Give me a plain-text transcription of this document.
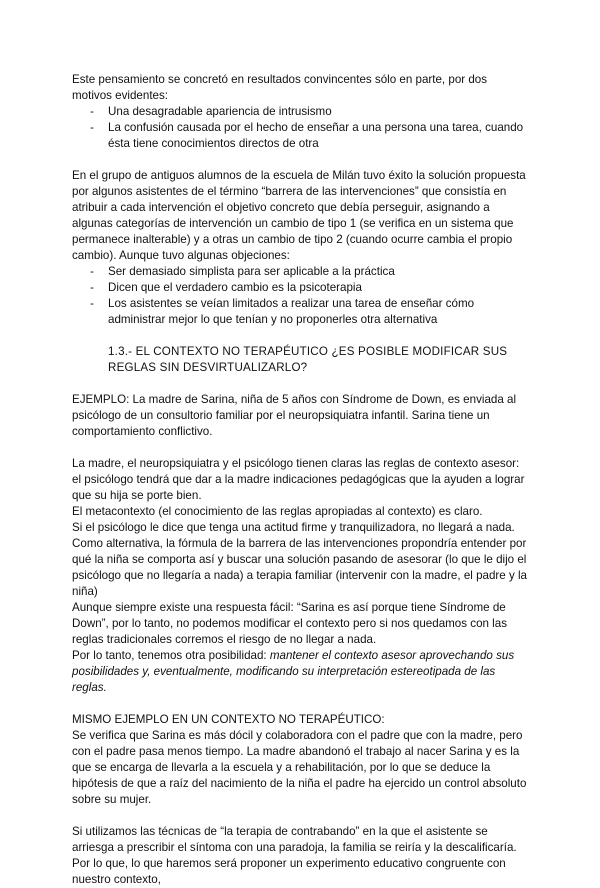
Este pensamiento se concretó en resultados convincentes sólo en parte, por dos motivos evidentes:

- Una desagradable apariencia de intrusismo
- La confusión causada por el hecho de enseñar a una persona una tarea, cuando ésta tiene conocimientos directos de otra

En el grupo de antiguos alumnos de la escuela de Milán tuvo éxito la solución propuesta por algunos asistentes de el término “barrera de las intervenciones” que consistía en atribuir a cada intervención el objetivo concreto que debía perseguir, asignando a algunas categorías de intervención un cambio de tipo 1 (se verifica en un sistema que permanece inalterable) y a otras un cambio de tipo 2 (cuando ocurre cambia el propio cambio). Aunque tuvo algunas objeciones:

- Ser demasiado simplista para ser aplicable a la práctica
- Dicen que el verdadero cambio es la psicoterapia
- Los asistentes se veían limitados a realizar una tarea de enseñar cómo administrar mejor lo que tenían y no proponerles otra alternativa

1.3.- EL CONTEXTO NO TERAPÉUTICO ¿ES POSIBLE MODIFICAR SUS REGLAS SIN DESVIRTUALIZARLO?

EJEMPLO: La madre de Sarina, niña de 5 años con Síndrome de Down, es enviada al psicólogo de un consultorio familiar por el neuropsiquiatra infantil. Sarina tiene un comportamiento conflictivo.

La madre, el neuropsiquiatra y el psicólogo tienen claras las reglas de contexto asesor: el psicólogo tendrá que dar a la madre indicaciones pedagógicas que la ayuden a lograr que su hija se porte bien.

El metacontexto (el conocimiento de las reglas apropiadas al contexto) es claro.

Si el psicólogo le dice que tenga una actitud firme y tranquilizadora, no llegará a nada.

Como alternativa, la fórmula de la barrera de las intervenciones propondría entender por qué la niña se comporta así y buscar una solución pasando de asesorar (lo que le dijo el psicólogo que no llegaría a nada) a terapia familiar (intervenir con la madre, el padre y la niña)

Aunque siempre existe una respuesta fácil: “Sarina es así porque tiene Síndrome de Down”, por lo tanto, no podemos modificar el contexto pero si nos quedamos con las reglas tradicionales corremos el riesgo de no llegar a nada.

Por lo tanto, tenemos otra posibilidad: mantener el contexto asesor aprovechando sus posibilidades y, eventualmente, modificando su interpretación estereotipada de las reglas.

MISMO EJEMPLO EN UN CONTEXTO NO TERAPÉUTICO:

Se verifica que Sarina es más dócil y colaboradora con el padre que con la madre, pero con el padre pasa menos tiempo. La madre abandonó el trabajo al nacer Sarina y es la que se encarga de llevarla a la escuela y a rehabilitación, por lo que se deduce la hipótesis de que a raíz del nacimiento de la niña el padre ha ejercido un control absoluto sobre su mujer.

Si utilizamos las técnicas de “la terapia de contrabando” en la que el asistente se arriesga a prescribir el síntoma con una paradoja, la familia se reiría y la descalificaría. Por lo que, lo que haremos será proponer un experimento educativo congruente con nuestro contexto,
